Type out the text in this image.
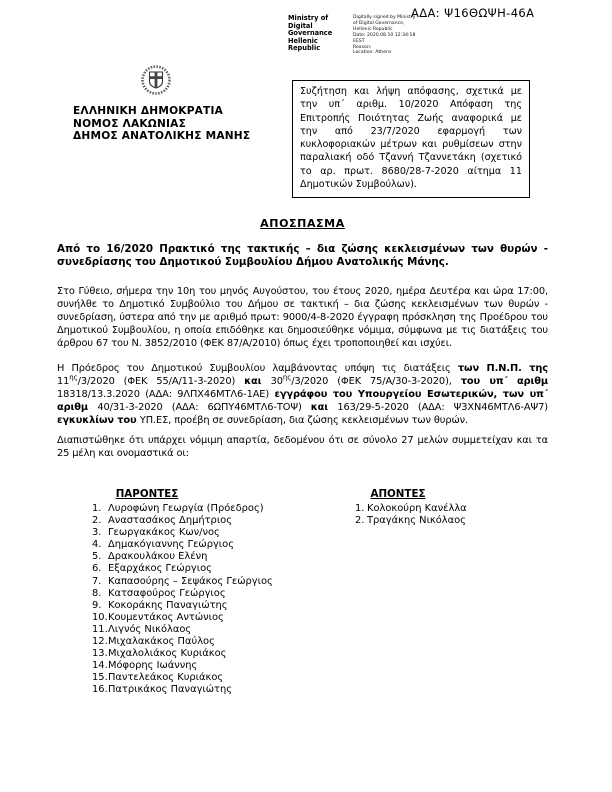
ΑΔΑ: Ψ16ΘΩΨΗ-46Α
Ministry of Digital
Governance
Hellenic Republic
Digitally signed by Ministry
of Digital Governance,
Hellenic Republic
Date: 2020.08.10 12:34:18
EEST
Reason:
Location: Athens
ΕΛΛΗΝΙΚΗ ΔΗΜΟΚΡΑΤΙΑ
ΝΟΜΟΣ ΛΑΚΩΝΙΑΣ
ΔΗΜΟΣ ΑΝΑΤΟΛΙΚΗΣ ΜΑΝΗΣ
Συζήτηση και λήψη απόφασης, σχετικά με την υπ΄ αριθμ. 10/2020 Απόφαση της Επιτροπής Ποιότητας Ζωής αναφορικά με την από 23/7/2020 εφαρμογή των κυκλοφοριακών μέτρων και ρυθμίσεων στην παραλιακή οδό Τζαννή Τζαννετάκη (σχετικό το αρ. πρωτ. 8680/28-7-2020 αίτημα 11 Δημοτικών Συμβούλων).
ΑΠΟΣΠΑΣΜΑ
Από το 16/2020 Πρακτικό της τακτικής – δια ζώσης κεκλεισμένων των θυρών - συνεδρίασης του Δημοτικού Συμβουλίου Δήμου Ανατολικής Μάνης.
Στο Γύθειο, σήμερα την 10η του μηνός Αυγούστου, του έτους 2020, ημέρα Δευτέρα και ώρα 17:00, συνήλθε το Δημοτικό Συμβούλιο του Δήμου σε τακτική – δια ζώσης κεκλεισμένων των θυρών - συνεδρίαση, ύστερα από την με αριθμό πρωτ: 9000/4-8-2020 έγγραφη πρόσκληση της Προέδρου του Δημοτικού Συμβουλίου, η οποία επιδόθηκε και δημοσιεύθηκε νόμιμα, σύμφωνα με τις διατάξεις του άρθρου 67 του Ν. 3852/2010 (ΦΕΚ 87/Α/2010) όπως έχει τροποποιηθεί και ισχύει.
Η Πρόεδρος του Δημοτικού Συμβουλίου λαμβάνοντας υπόψη τις διατάξεις των Π.Ν.Π. της $11^{\eta\varsigma}/3/2020$ (ΦΕΚ 55/Α/11-3-2020) και $30^{\eta\varsigma}/3/2020$ (ΦΕΚ 75/Α/30-3-2020), του υπ΄ αριθμ 18318/13.3.2020 (ΑΔΑ: 9ΛΠΧ46ΜΤΛ6-1ΑΕ) εγγράφου του Υπουργείου Εσωτερικών, των υπ΄ αριθμ 40/31-3-2020 (ΑΔΑ: 6ΩΠΥ46ΜΤΛ6-ΤΟΨ) και 163/29-5-2020 (ΑΔΑ: Ψ3ΧΝ46ΜΤΛ6-ΑΨ7) εγκυκλίων του ΥΠ.ΕΣ, προέβη σε συνεδρίαση, δια ζώσης κεκλεισμένων των θυρών.
Διαπιστώθηκε ότι υπάρχει νόμιμη απαρτία, δεδομένου ότι σε σύνολο 27 μελών συμμετείχαν και τα 25 μέλη και ονομαστικά οι:
ΠΑΡΟΝΤΕΣ
1. Λυροφώνη Γεωργία (Πρόεδρος)
2. Αναστασάκος Δημήτριος
3. Γεωργακάκος Κων/νος
4. Δημακόγιαννης Γεώργιος
5. Δρακουλάκου Ελένη
6. Εξαρχάκος Γεώργιος
7. Καπασούρης – Σεψάκος Γεώργιος
8. Κατσαφούρος Γεώργιος
9. Κοκοράκης Παναγιώτης
10. Κουμεντάκος Αντώνιος
11. Λιγνός Νικόλαος
12. Μιχαλακάκος Παύλος
13. Μιχαλολιάκος Κυριάκος
14. Μόφορης Ιωάννης
15. Παντελεάκος Κυριάκος
16. Πατρικάκος Παναγιώτης
ΑΠΟΝΤΕΣ
1. Κολοκούρη Κανέλλα
2. Τραγάκης Νικόλαος
